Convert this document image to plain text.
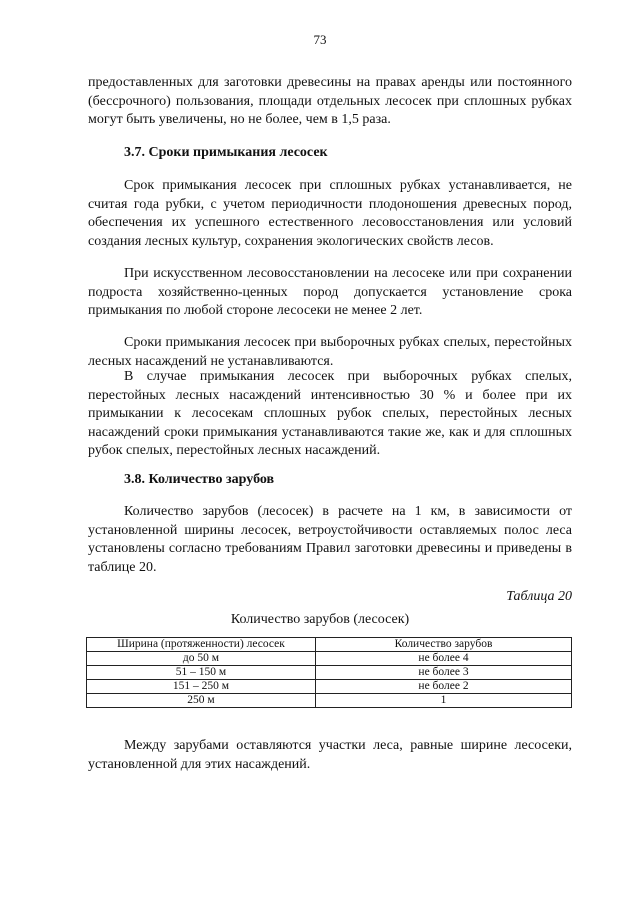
73

предоставленных для заготовки древесины на правах аренды или постоянного (бессрочного) пользования, площади отдельных лесосек при сплошных рубках могут быть увеличены, но не более, чем в 1,5 раза.

3.7. Сроки примыкания лесосек

Срок примыкания лесосек при сплошных рубках устанавливается, не считая года рубки, с учетом периодичности плодоношения древесных пород, обеспечения их успешного естественного лесовосстановления или условий создания лесных культур, сохранения экологических свойств лесов.

При искусственном лесовосстановлении на лесосеке или при сохранении подроста хозяйственно-ценных пород допускается установление срока примыкания по любой стороне лесосеки не менее 2 лет.

Сроки примыкания лесосек при выборочных рубках спелых, перестойных лесных насаждений не устанавливаются.

В случае примыкания лесосек при выборочных рубках спелых, перестойных лесных насаждений интенсивностью 30 % и более при их примыкании к лесосекам сплошных рубок спелых, перестойных лесных насаждений сроки примыкания устанавливаются такие же, как и для сплошных рубок спелых, перестойных лесных насаждений.

3.8. Количество зарубов

Количество зарубов (лесосек) в расчете на 1 км, в зависимости от установленной ширины лесосек, ветроустойчивости оставляемых полос леса установлены согласно требованиям Правил заготовки древесины и приведены в таблице 20.

Таблица 20
Количество зарубов (лесосек)
Ширина (протяженности) лесосек	Количество зарубов
до 50 м	не более 4
51 – 150 м	не более 3
151 – 250 м	не более 2
250 м	1

Между зарубами оставляются участки леса, равные ширине лесосеки, установленной для этих насаждений.
